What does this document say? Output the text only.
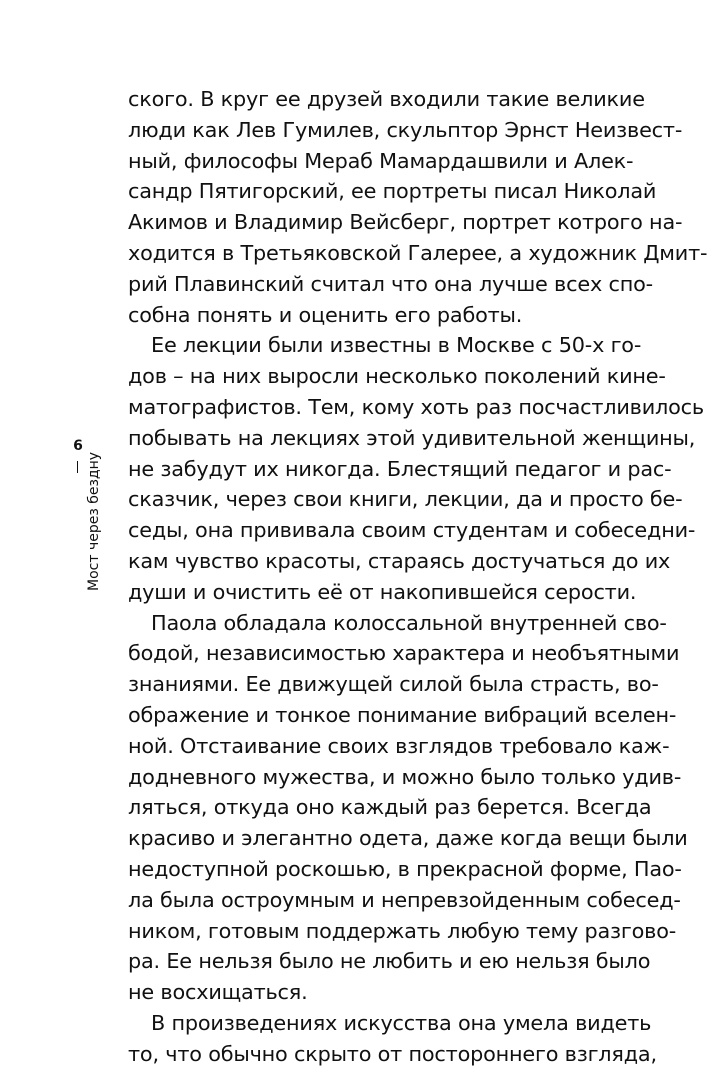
6
Мост через бездну
ского. В круг ее друзей входили такие великие
люди как Лев Гумилев, скульптор Эрнст Неизвест-
ный, философы Мераб Мамардашвили и Алек-
сандр Пятигорский, ее портреты писал Николай
Акимов и Владимир Вейсберг, портрет котрого на-
ходится в Третьяковской Галерее, а художник Дмит-
рий Плавинский считал что она лучше всех спо-
собна понять и оценить его работы.
Ее лекции были известны в Москве с 50-х го-
дов – на них выросли несколько поколений кине-
матографистов. Тем, кому хоть раз посчастливилось
побывать на лекциях этой удивительной женщины,
не забудут их никогда. Блестящий педагог и рас-
сказчик, через свои книги, лекции, да и просто бе-
седы, она прививала своим студентам и собеседни-
кам чувство красоты, стараясь достучаться до их
души и очистить её от накопившейся серости.
Паола обладала колоссальной внутренней сво-
бодой, независимостью характера и необъятными
знаниями. Ее движущей силой была страсть, во-
ображение и тонкое понимание вибраций вселен-
ной. Отстаивание своих взглядов требовало каж-
додневного мужества, и можно было только удив-
ляться, откуда оно каждый раз берется. Всегда
красиво и элегантно одета, даже когда вещи были
недоступной роскошью, в прекрасной форме, Пао-
ла была остроумным и непревзойденным собесед-
ником, готовым поддержать любую тему разгово-
ра. Ее нельзя было не любить и ею нельзя было
не восхищаться.
В произведениях искусства она умела видеть
то, что обычно скрыто от постороннего взгляда,
